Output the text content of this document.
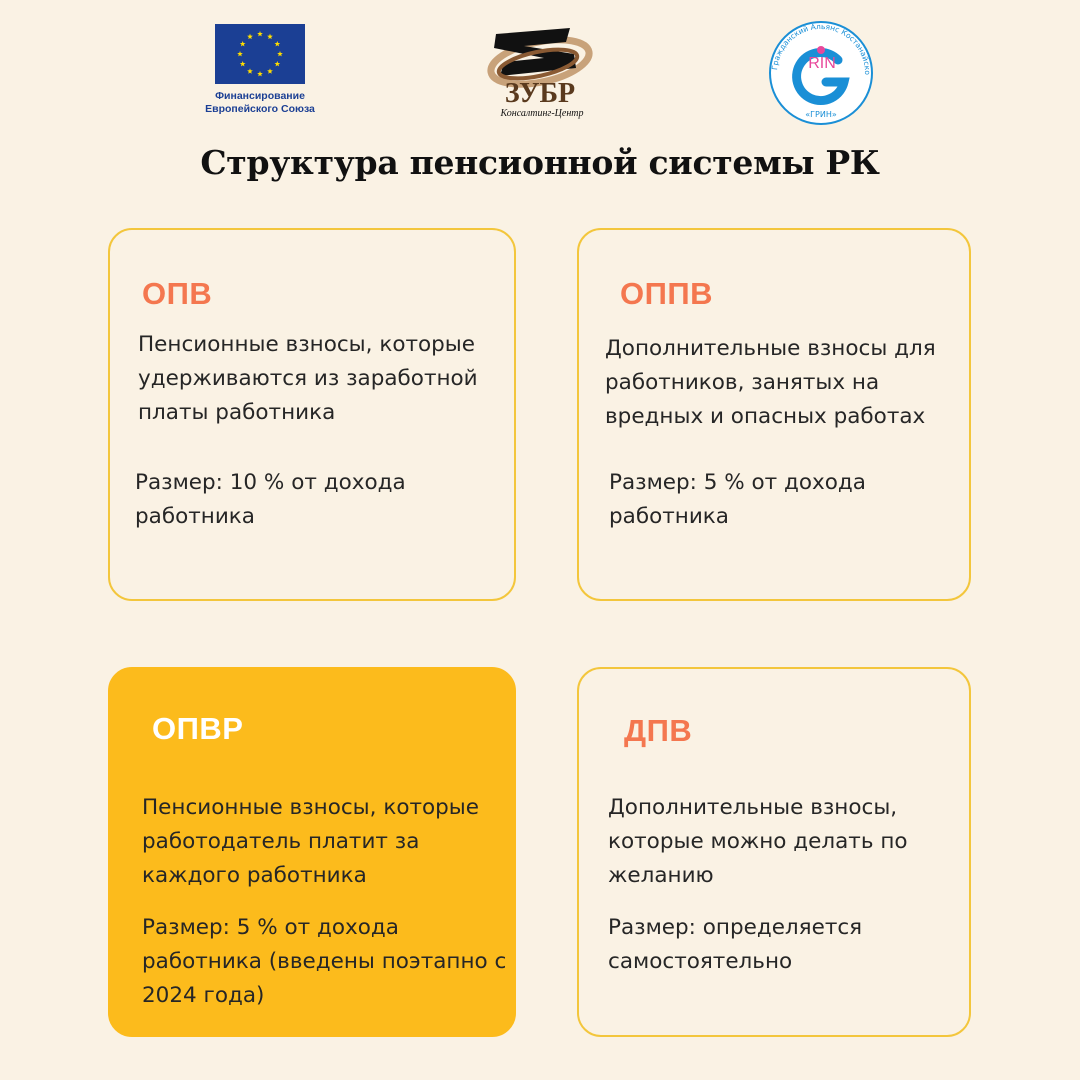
Финансирование
Европейского Союза	ЗУБР
Консалтинг-Центр
Гражданский Альянс Костанайско
RIN
«ГРИН»
Структура пенсионной системы РК
ОПВ

Пенсионные взносы, которые удерживаются из заработной платы работника

Размер: 10 % от дохода работника

ОППВ

Дополнительные взносы для работников, занятых на вредных и опасных работах

Размер: 5 % от дохода работника

ОПВР

Пенсионные взносы, которые работодатель платит за каждого работника

Размер: 5 % от дохода работника (введены поэтапно с 2024 года)

ДПВ

Дополнительные взносы, которые можно делать по желанию

Размер: определяется самостоятельно
